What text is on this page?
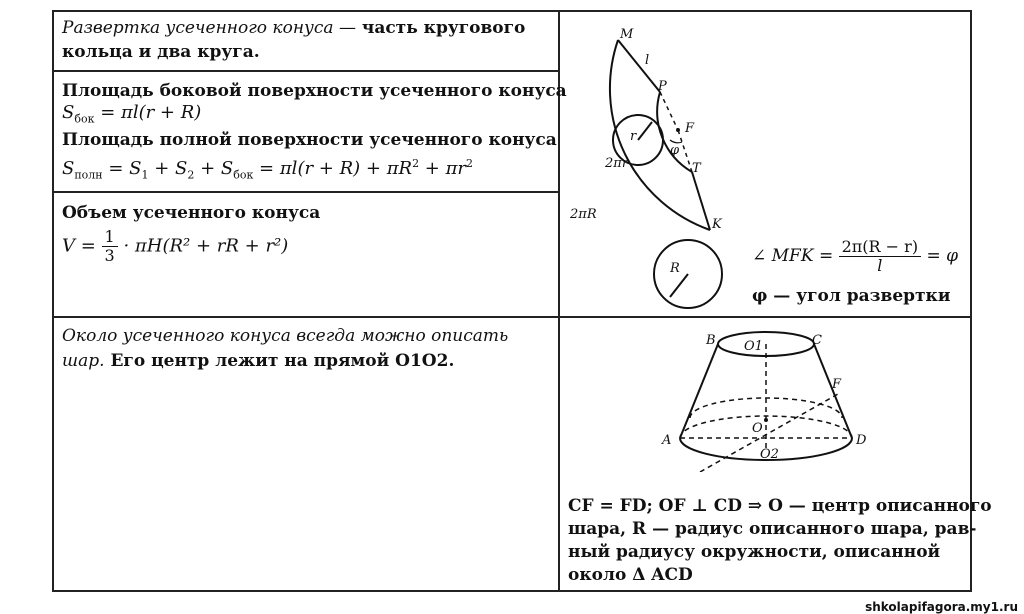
Развертка усеченного конуса — часть кругового
кольца и два круга.
Площадь боковой поверхности усеченного конуса
$S_{бок} = \pi l(r + R)$
Площадь полной поверхности усеченного конуса
$S_{полн} = S_1 + S_2 + S_{бок} = \pi l(r + R) + \pi R^2 + \pi r^2$
Объем усеченного конуса
$V = \frac{1}{3} \cdot \pi H(R^2$ + rR + r²)
Около усеченного конуса всегда можно описать
шар. Его центр лежит на прямой O1O2.
M
l
P
F
r
φ
2πr	T
2πR
K
R
∠ MFK = $\frac{2\pi(R - r)}{l} = \varphi$
φ — угол развертки
B O1	C
F
O
A	D
O2
CF = FD; OF ⊥ CD ⇒ O — центр описанного
шара, R — радиус описанного шара, рав-
ный радиусу окружности, описанной
около Δ ACD
shkolapifagora.my1.ru
